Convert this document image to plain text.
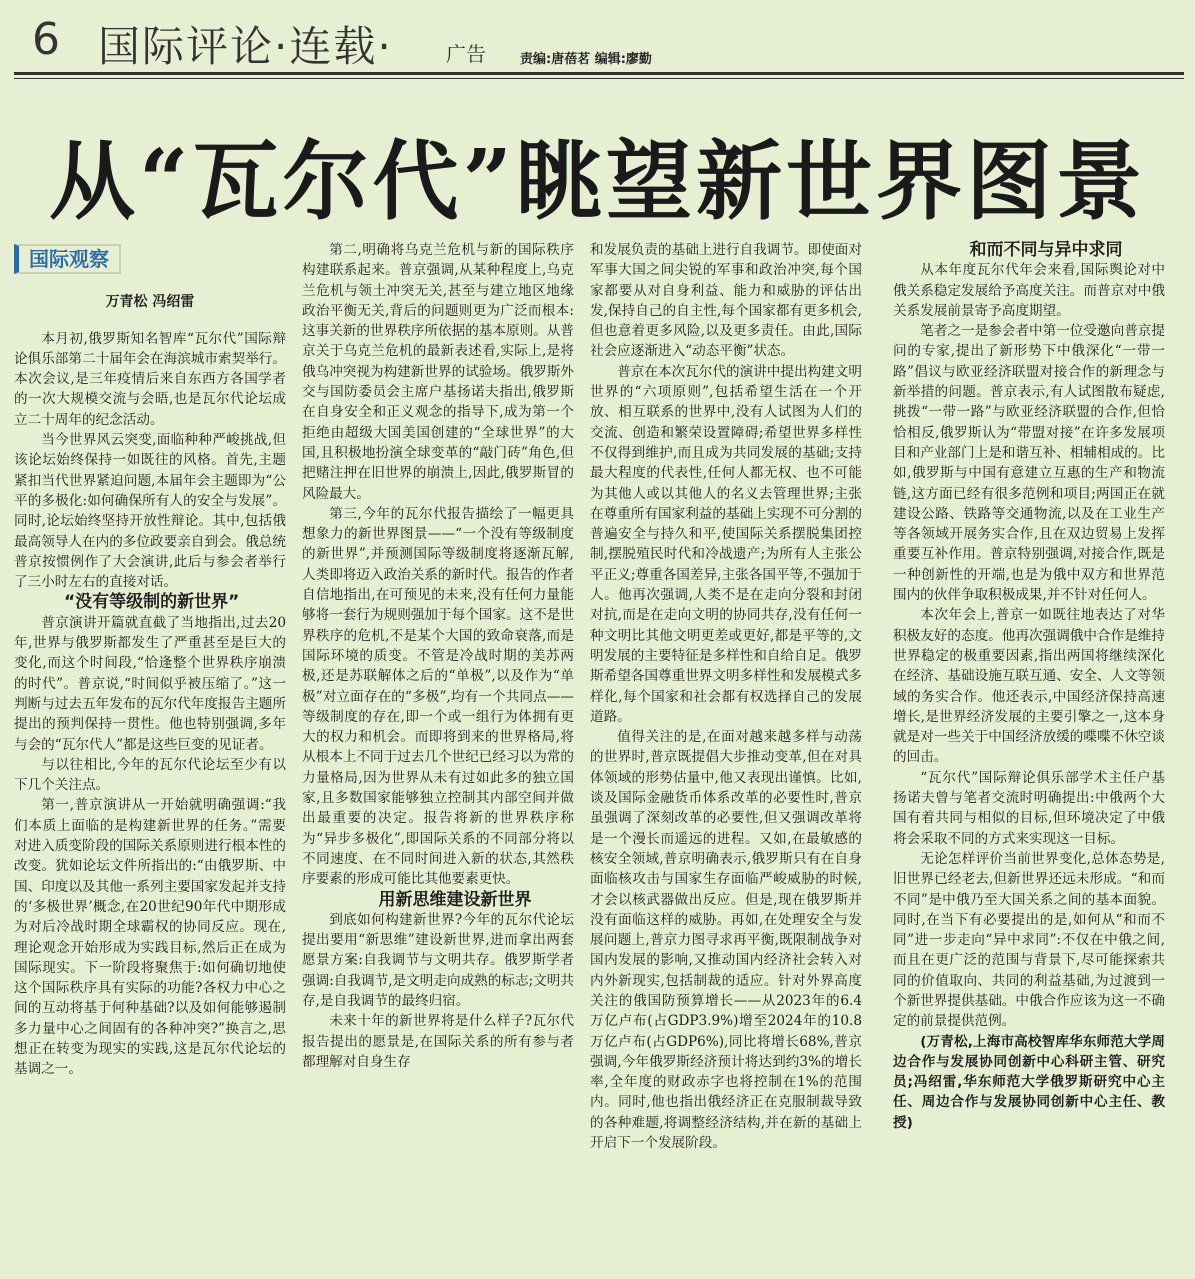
6 国际评论·连载·	广告	责编:唐蓓茗 编辑:廖勤
从“瓦尔代”眺望新世界图景
国际观察
万青松 冯绍雷

本月初,俄罗斯知名智库“瓦尔代”国际辩论俱乐部第二十届年会在海滨城市索契举行。本次会议,是三年疫情后来自东西方各国学者的一次大规模交流与会晤,也是瓦尔代论坛成立二十周年的纪念活动。

当今世界风云突变,面临种种严峻挑战,但该论坛始终保持一如既往的风格。首先,主题紧扣当代世界紧迫问题,本届年会主题即为“公平的多极化:如何确保所有人的安全与发展”。同时,论坛始终坚持开放性辩论。其中,包括俄最高领导人在内的多位政要亲自到会。俄总统普京按惯例作了大会演讲,此后与参会者举行了三小时左右的直接对话。

“没有等级制的新世界”

普京演讲开篇就直截了当地指出,过去20年,世界与俄罗斯都发生了严重甚至是巨大的变化,而这个时间段,“恰逢整个世界秩序崩溃的时代”。普京说,“时间似乎被压缩了。”这一判断与过去五年发布的瓦尔代年度报告主题所提出的预判保持一贯性。他也特别强调,多年与会的“瓦尔代人”都是这些巨变的见证者。

与以往相比,今年的瓦尔代论坛至少有以下几个关注点。

第一,普京演讲从一开始就明确强调:“我们本质上面临的是构建新世界的任务。”需要对进入质变阶段的国际关系原则进行根本性的改变。犹如论坛文件所指出的:“由俄罗斯、中国、印度以及其他一系列主要国家发起并支持的‘多极世界’概念,在20世纪90年代中期形成为对后冷战时期全球霸权的协同反应。现在,理论观念开始形成为实践目标,然后正在成为国际现实。下一阶段将聚焦于:如何确切地使这个国际秩序具有实际的功能?各权力中心之间的互动将基于何种基础?以及如何能够遏制多力量中心之间固有的各种冲突?”换言之,思想正在转变为现实的实践,这是瓦尔代论坛的基调之一。

第二,明确将乌克兰危机与新的国际秩序构建联系起来。普京强调,从某种程度上,乌克兰危机与领土冲突无关,甚至与建立地区地缘政治平衡无关,背后的问题则更为广泛而根本:这事关新的世界秩序所依据的基本原则。从普京关于乌克兰危机的最新表述看,实际上,是将俄乌冲突视为构建新世界的试验场。俄罗斯外交与国防委员会主席户基扬诺夫指出,俄罗斯在自身安全和正义观念的指导下,成为第一个拒绝由超级大国美国创建的“全球世界”的大国,且积极地扮演全球变革的“敲门砖”角色,但把赌注押在旧世界的崩溃上,因此,俄罗斯冒的风险最大。

第三,今年的瓦尔代报告描绘了一幅更具想象力的新世界图景——“一个没有等级制度的新世界”,并预测国际等级制度将逐渐瓦解,人类即将迈入政治关系的新时代。报告的作者自信地指出,在可预见的未来,没有任何力量能够将一套行为规则强加于每个国家。这不是世界秩序的危机,不是某个大国的致命衰落,而是国际环境的质变。不管是冷战时期的美苏两极,还是苏联解体之后的“单极”,以及作为“单极”对立面存在的“多极”,均有一个共同点——等级制度的存在,即一个或一组行为体拥有更大的权力和机会。而即将到来的世界格局,将从根本上不同于过去几个世纪已经习以为常的力量格局,因为世界从未有过如此多的独立国家,且多数国家能够独立控制其内部空间并做出最重要的决定。报告将新的世界秩序称为“异步多极化”,即国际关系的不同部分将以不同速度、在不同时间进入新的状态,其然秩序要素的形成可能比其他要素更快。

用新思维建设新世界

到底如何构建新世界?今年的瓦尔代论坛提出要用“新思维”建设新世界,进而拿出两套愿景方案:自我调节与文明共存。俄罗斯学者强调:自我调节,是文明走向成熟的标志;文明共存,是自我调节的最终归宿。

未来十年的新世界将是什么样子?瓦尔代报告提出的愿景是,在国际关系的所有参与者都理解对自身生存

和发展负责的基础上进行自我调节。即使面对军事大国之间尖锐的军事和政治冲突,每个国家都要从对自身利益、能力和威胁的评估出发,保持自己的自主性,每个国家都有更多机会,但也意着更多风险,以及更多责任。由此,国际社会应逐渐进入“动态平衡”状态。

普京在本次瓦尔代的演讲中提出构建文明世界的“六项原则”,包括希望生活在一个开放、相互联系的世界中,没有人试图为人们的交流、创造和繁荣设置障碍;希望世界多样性不仅得到维护,而且成为共同发展的基础;支持最大程度的代表性,任何人都无权、也不可能为其他人或以其他人的名义去管理世界;主张在尊重所有国家利益的基础上实现不可分割的普遍安全与持久和平,使国际关系摆脱集团控制,摆脱殖民时代和冷战遗产;为所有人主张公平正义;尊重各国差异,主张各国平等,不强加于人。他再次强调,人类不是在走向分裂和封闭对抗,而是在走向文明的协同共存,没有任何一种文明比其他文明更差或更好,都是平等的,文明发展的主要特征是多样性和自给自足。俄罗斯希望各国尊重世界文明多样性和发展模式多样化,每个国家和社会都有权选择自己的发展道路。

值得关注的是,在面对越来越多样与动荡的世界时,普京既提倡大步推动变革,但在对具体领域的形势估量中,他又表现出谨慎。比如,谈及国际金融货币体系改革的必要性时,普京虽强调了深刻改革的必要性,但又强调改革将是一个漫长而遥远的进程。又如,在最敏感的核安全领域,普京明确表示,俄罗斯只有在自身面临核攻击与国家生存面临严峻威胁的时候,才会以核武器做出反应。但是,现在俄罗斯并没有面临这样的威胁。再如,在处理安全与发展问题上,普京力图寻求再平衡,既限制战争对国内发展的影响,又推动国内经济社会转入对内外新现实,包括制裁的适应。针对外界高度关注的俄国防预算增长——从2023年的6.4万亿卢布(占GDP3.9%)增至2024年的10.8万亿卢布(占GDP6%),同比将增长68%,普京强调,今年俄罗斯经济预计将达到约3%的增长率,全年度的财政赤字也将控制在1%的范围内。同时,他也指出俄经济正在克服制裁导致的各种难题,将调整经济结构,并在新的基础上开启下一个发展阶段。

和而不同与异中求同

从本年度瓦尔代年会来看,国际舆论对中俄关系稳定发展给予高度关注。而普京对中俄关系发展前景寄予高度期望。

笔者之一是参会者中第一位受邀向普京提问的专家,提出了新形势下中俄深化“一带一路”倡议与欧亚经济联盟对接合作的新理念与新举措的问题。普京表示,有人试图散布疑虑,挑拨“一带一路”与欧亚经济联盟的合作,但恰恰相反,俄罗斯认为“带盟对接”在许多发展项目和产业部门上是和谐互补、相辅相成的。比如,俄罗斯与中国有意建立互惠的生产和物流链,这方面已经有很多范例和项目;两国正在就建设公路、铁路等交通物流,以及在工业生产等各领域开展务实合作,且在双边贸易上发挥重要互补作用。普京特别强调,对接合作,既是一种创新性的开端,也是为俄中双方和世界范围内的伙伴争取积极成果,并不针对任何人。

本次年会上,普京一如既往地表达了对华积极友好的态度。他再次强调俄中合作是维持世界稳定的极重要因素,指出两国将继续深化在经济、基础设施互联互通、安全、人文等领域的务实合作。他还表示,中国经济保持高速增长,是世界经济发展的主要引擎之一,这本身就是对一些关于中国经济放缓的喋喋不休空谈的回击。

“瓦尔代”国际辩论俱乐部学术主任户基扬诺夫曾与笔者交流时明确提出:中俄两个大国有着共同与相似的目标,但环境决定了中俄将会采取不同的方式来实现这一目标。

无论怎样评价当前世界变化,总体态势是,旧世界已经老去,但新世界还远未形成。“和而不同”是中俄乃至大国关系之间的基本面貌。同时,在当下有必要提出的是,如何从“和而不同”进一步走向“异中求同”:不仅在中俄之间,而且在更广泛的范围与背景下,尽可能探索共同的价值取向、共同的利益基础,为过渡到一个新世界提供基础。中俄合作应该为这一不确定的前景提供范例。

(万青松,上海市高校智库华东师范大学周边合作与发展协同创新中心科研主管、研究员;冯绍雷,华东师范大学俄罗斯研究中心主任、周边合作与发展协同创新中心主任、教授)
